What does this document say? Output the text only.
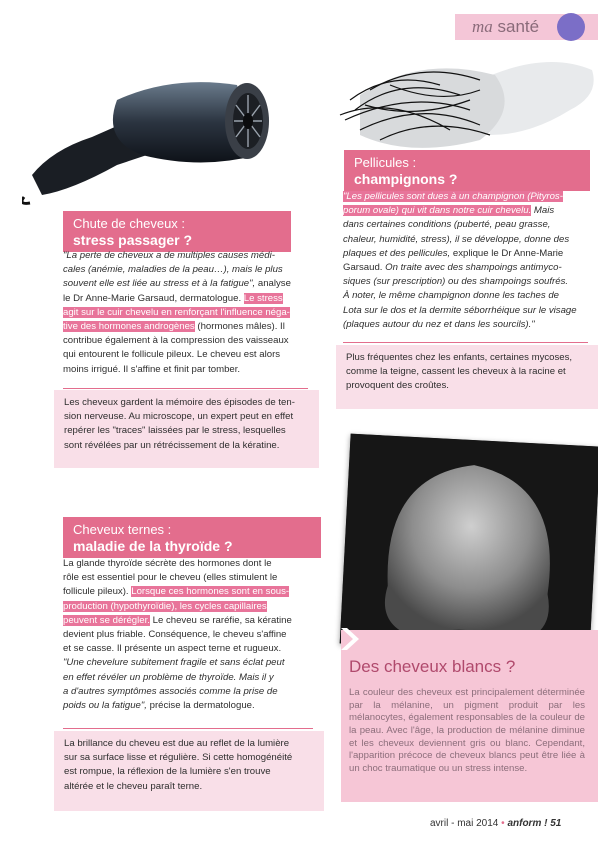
ma santé
Chute de cheveux :
stress passager ?
"La perte de cheveux a de multiples causes médi-
cales (anémie, maladies de la peau…), mais le plus
souvent elle est liée au stress et à la fatigue", analyse
le Dr Anne-Marie Garsaud, dermatologue. Le stress
agit sur le cuir chevelu en renforçant l'influence néga-
tive des hormones androgènes (hormones mâles). Il
contribue également à la compression des vaisseaux
qui entourent le follicule pileux. Le cheveu est alors
moins irrigué. Il s'affine et finit par tomber.
Les cheveux gardent la mémoire des épisodes de ten-
sion nerveuse. Au microscope, un expert peut en effet
repérer les "traces" laissées par le stress, lesquelles
sont révélées par un rétrécissement de la kératine.
Pellicules :
champignons ?
"Les pellicules sont dues à un champignon (Pityros-
porum ovale) qui vit dans notre cuir chevelu. Mais
dans certaines conditions (puberté, peau grasse,
chaleur, humidité, stress), il se développe, donne des
plaques et des pellicules, explique le Dr Anne-Marie
Garsaud. On traite avec des shampoings antimyco-
siques (sur prescription) ou des shampoings soufrés.
À noter, le même champignon donne les taches de
Lota sur le dos et la dermite séborrhéique sur le visage
(plaques autour du nez et dans les sourcils)."
Plus fréquentes chez les enfants, certaines mycoses,
comme la teigne, cassent les cheveux à la racine et
provoquent des croûtes.
Cheveux ternes :
maladie de la thyroïde ?
La glande thyroïde sécrète des hormones dont le
rôle est essentiel pour le cheveu (elles stimulent le
follicule pileux). Lorsque ces hormones sont en sous-
production (hypothyroïdie), les cycles capillaires
peuvent se dérégler. Le cheveu se raréfie, sa kératine
devient plus friable. Conséquence, le cheveu s'affine
et se casse. Il présente un aspect terne et rugueux.
"Une chevelure subitement fragile et sans éclat peut
en effet révéler un problème de thyroïde. Mais il y
a d'autres symptômes associés comme la prise de
poids ou la fatigue", précise la dermatologue.
La brillance du cheveu est due au reflet de la lumière
sur sa surface lisse et régulière. Si cette homogénéité
est rompue, la réflexion de la lumière s'en trouve
altérée et le cheveu paraît terne.
Des cheveux blancs ?
La couleur des cheveux est principalement déterminée par la mélanine, un pigment produit par les mélanocytes, également responsables de la couleur de la peau. Avec l'âge, la production de mélanine diminue et les cheveux deviennent gris ou blanc. Cependant, l'apparition précoce de cheveux blancs peut être liée à un choc traumatique ou un stress intense.
avril - mai 2014 • anform ! 51
